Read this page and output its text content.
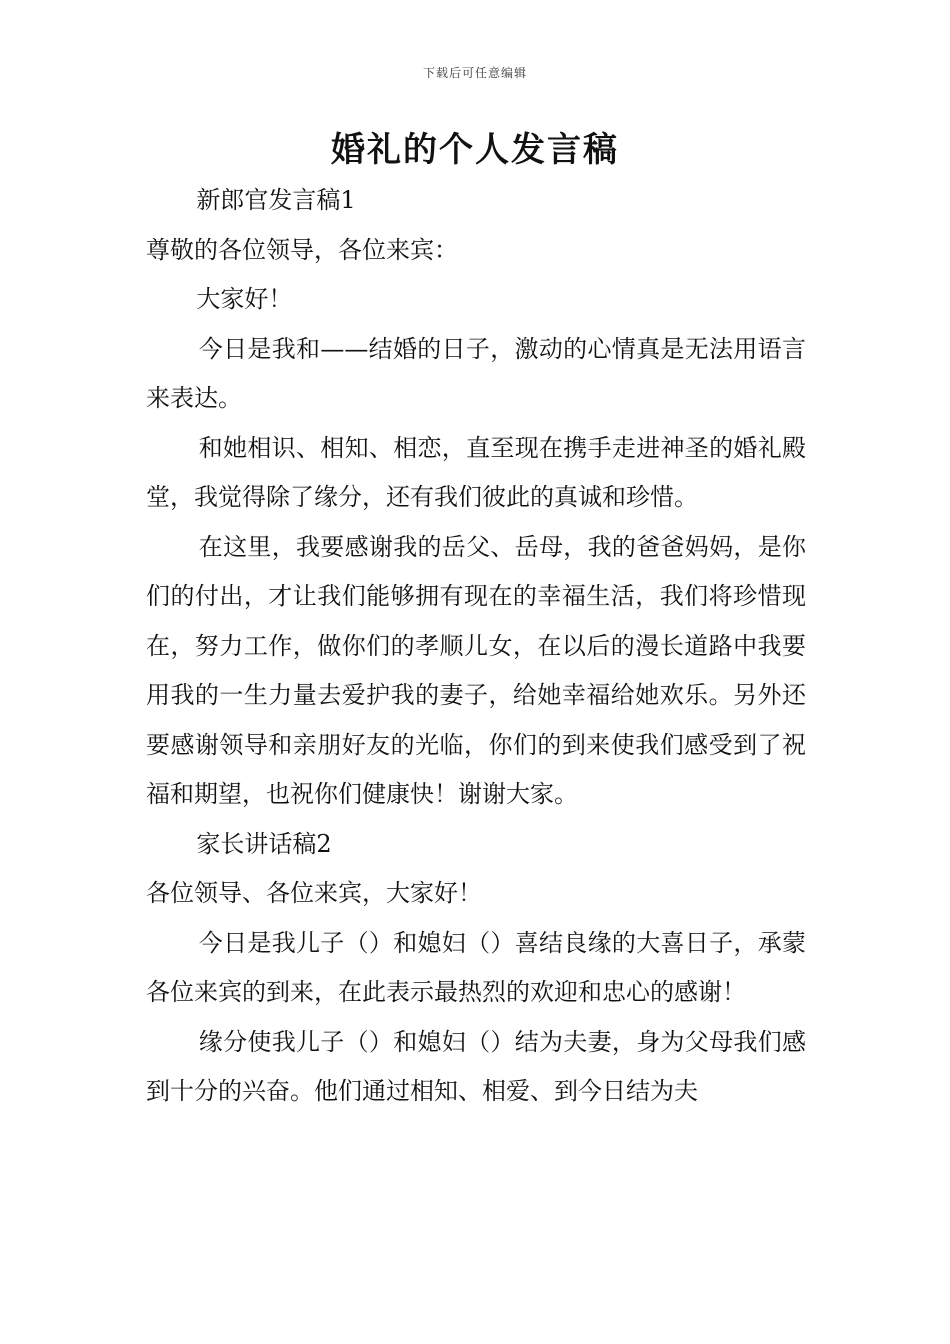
下载后可任意编辑
婚礼的个人发言稿

新郎官发言稿1

尊敬的各位领导，各位来宾：

大家好！

今日是我和——结婚的日子，激动的心情真是无法用语言来表达。

和她相识、相知、相恋，直至现在携手走进神圣的婚礼殿堂，我觉得除了缘分，还有我们彼此的真诚和珍惜。

在这里，我要感谢我的岳父、岳母，我的爸爸妈妈，是你们的付出，才让我们能够拥有现在的幸福生活，我们将珍惜现在，努力工作，做你们的孝顺儿女，在以后的漫长道路中我要用我的一生力量去爱护我的妻子，给她幸福给她欢乐。另外还要感谢领导和亲朋好友的光临，你们的到来使我们感受到了祝福和期望，也祝你们健康快！谢谢大家。

家长讲话稿2

各位领导、各位来宾，大家好！

今日是我儿子（）和媳妇（）喜结良缘的大喜日子，承蒙各位来宾的到来，在此表示最热烈的欢迎和忠心的感谢！

缘分使我儿子（）和媳妇（）结为夫妻，身为父母我们感到十分的兴奋。他们通过相知、相爱、到今日结为夫
